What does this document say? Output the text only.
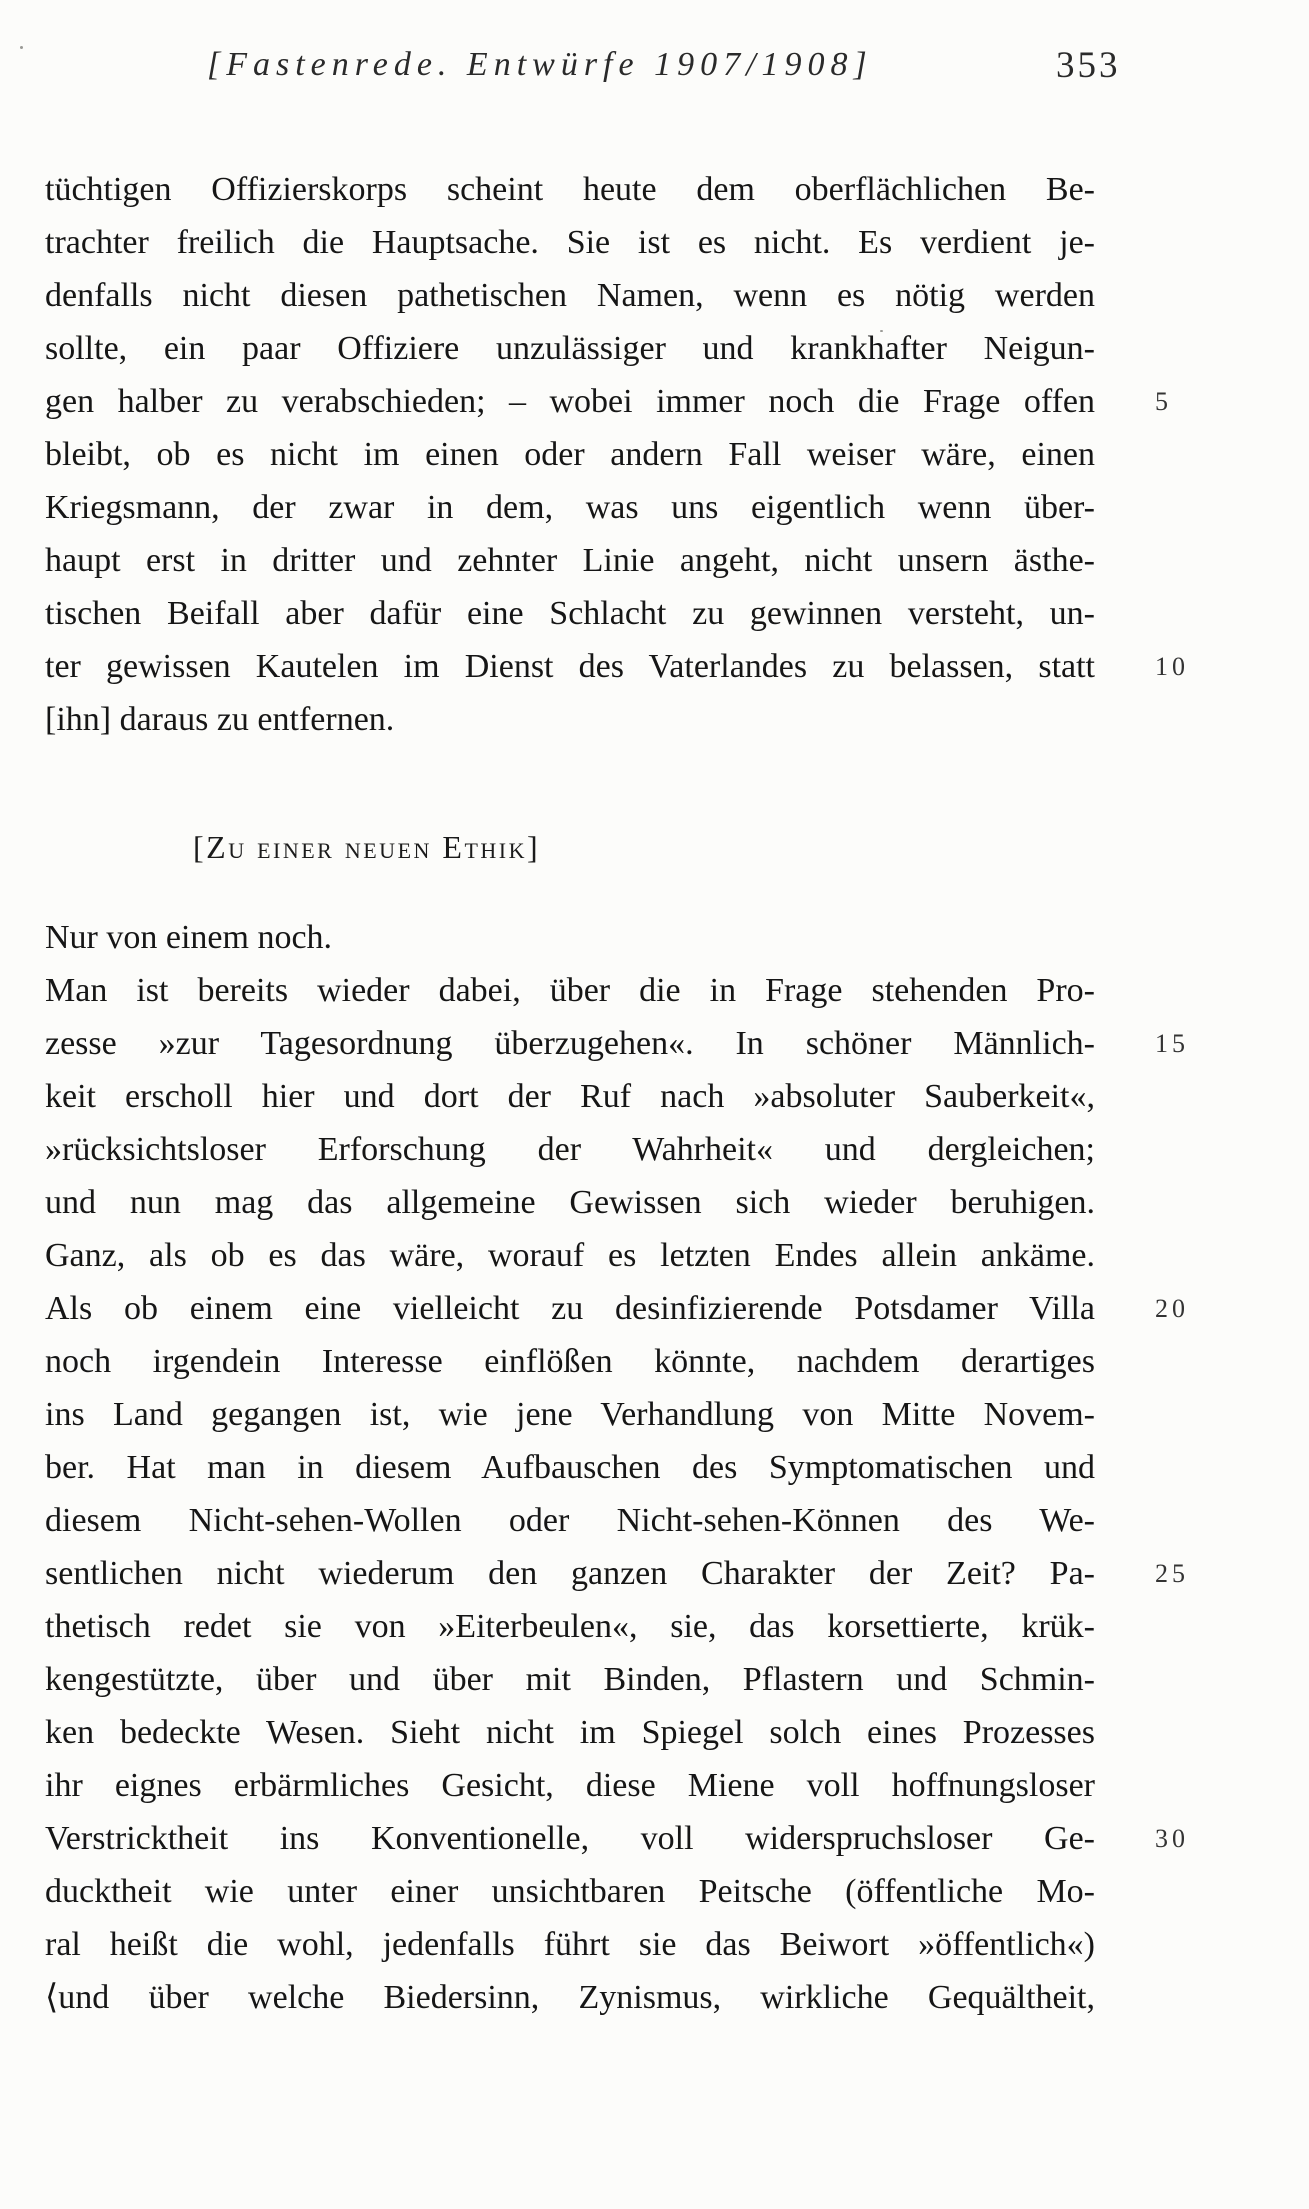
[Fastenrede. Entwürfe 1907/1908]	353
tüchtigen Offizierskorps scheint heute dem oberflächlichen Be-
trachter freilich die Hauptsache. Sie ist es nicht. Es verdient je-
denfalls nicht diesen pathetischen Namen, wenn es nötig werden
sollte, ein paar Offiziere unzulässiger und krankhafter Neigun-
gen halber zu verabschieden; – wobei immer noch die Frage offen 5
bleibt, ob es nicht im einen oder andern Fall weiser wäre, einen
Kriegsmann, der zwar in dem, was uns eigentlich wenn über-
haupt erst in dritter und zehnter Linie angeht, nicht unsern ästhe-
tischen Beifall aber dafür eine Schlacht zu gewinnen versteht, un-
ter gewissen Kautelen im Dienst des Vaterlandes zu belassen, statt 10
[ihn] daraus zu entfernen.
[Zu einer neuen Ethik]
Nur von einem noch.
Man ist bereits wieder dabei, über die in Frage stehenden Pro-
zesse »zur Tagesordnung überzugehen«. In schöner Männlich- 15
keit erscholl hier und dort der Ruf nach »absoluter Sauberkeit«,
»rücksichtsloser Erforschung der Wahrheit« und dergleichen;
und nun mag das allgemeine Gewissen sich wieder beruhigen.
Ganz, als ob es das wäre, worauf es letzten Endes allein ankäme.
Als ob einem eine vielleicht zu desinfizierende Potsdamer Villa 20
noch irgendein Interesse einflößen könnte, nachdem derartiges
ins Land gegangen ist, wie jene Verhandlung von Mitte Novem-
ber. Hat man in diesem Aufbauschen des Symptomatischen und
diesem Nicht-sehen-Wollen oder Nicht-sehen-Können des We-
sentlichen nicht wiederum den ganzen Charakter der Zeit? Pa- 25
thetisch redet sie von »Eiterbeulen«, sie, das korsettierte, krük-
kengestützte, über und über mit Binden, Pflastern und Schmin-
ken bedeckte Wesen. Sieht nicht im Spiegel solch eines Prozesses
ihr eignes erbärmliches Gesicht, diese Miene voll hoffnungsloser
Verstricktheit ins Konventionelle, voll widerspruchsloser Ge- 30
ducktheit wie unter einer unsichtbaren Peitsche (öffentliche Mo-
ral heißt die wohl, jedenfalls führt sie das Beiwort »öffentlich«)
⟨und über welche Biedersinn, Zynismus, wirkliche Gequältheit,
